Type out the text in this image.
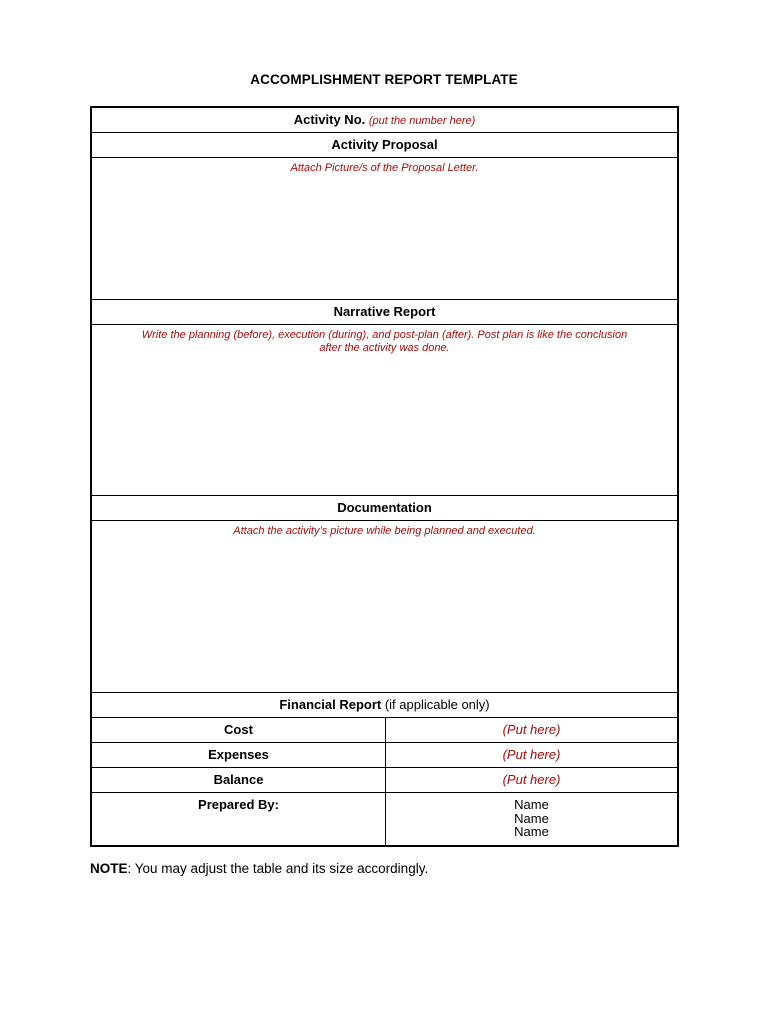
ACCOMPLISHMENT REPORT TEMPLATE
Activity No. (put the number here)
Activity Proposal
Attach Picture/s of the Proposal Letter.
Narrative Report
Write the planning (before), execution (during), and post-plan (after). Post plan is like the conclusion after the activity was done.
Documentation
Attach the activity’s picture while being planned and executed.
Financial Report (if applicable only)
Cost	(Put here)
Expenses	(Put here)
Balance	(Put here)
Prepared By:	Name
Name
Name
NOTE: You may adjust the table and its size accordingly.
